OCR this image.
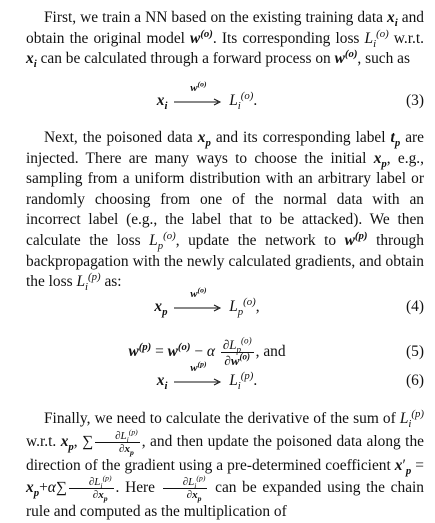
First, we train a NN based on the existing training data $x_i$ and obtain the original model $w^{(o)}$. Its corresponding loss $L_i^{(o)}$ w.r.t. $x_i$ can be calculated through a forward process on $w^{(o)}$, such as
$x_i$
$w^{(o)}$
$L_i^{(o)}$.	(3)
Next, the poisoned data $x_p$ and its corresponding label $t_p$ are injected. There are many ways to choose the initial $x_p$, e.g., sampling from a uniform distribution with an arbitrary label or randomly choosing from one of the normal data with an incorrect label (e.g., the label that to be attacked). We then calculate the loss $L_p^{(o)}$, update the network to $w^{(p)}$ through backpropagation with the newly calculated gradients, and obtain the loss $L_i^{(p)}$ as:
$x_p$
$w^{(o)}$
$L_p^{(o)}$,	(4)
$w^{(p)} = w^{(o)} - \alpha \frac{\partial L_p^{(o)}}{\partial w^{(o)}}$ , and	(5)
$x_i$
$w^{(p)}$
$L_i^{(p)}$.	(6)
Finally, we need to calculate the derivative of the sum of $L_i^{(p)}$ w.r.t. $x_p$, ∑ $\frac{\partial L_i^{(p)}}{\partial x_p}$ , and then update the poisoned data along the direction of the gradient using a pre-determined coefficient $x'_p = x_p+\alpha\sum \frac{\partial L_i^{(p)}}{\partial x_p}$ . Here $\frac{\partial L_i^{(p)}}{\partial x_p}$ can be expanded using the chain rule and computed as the multiplication of
